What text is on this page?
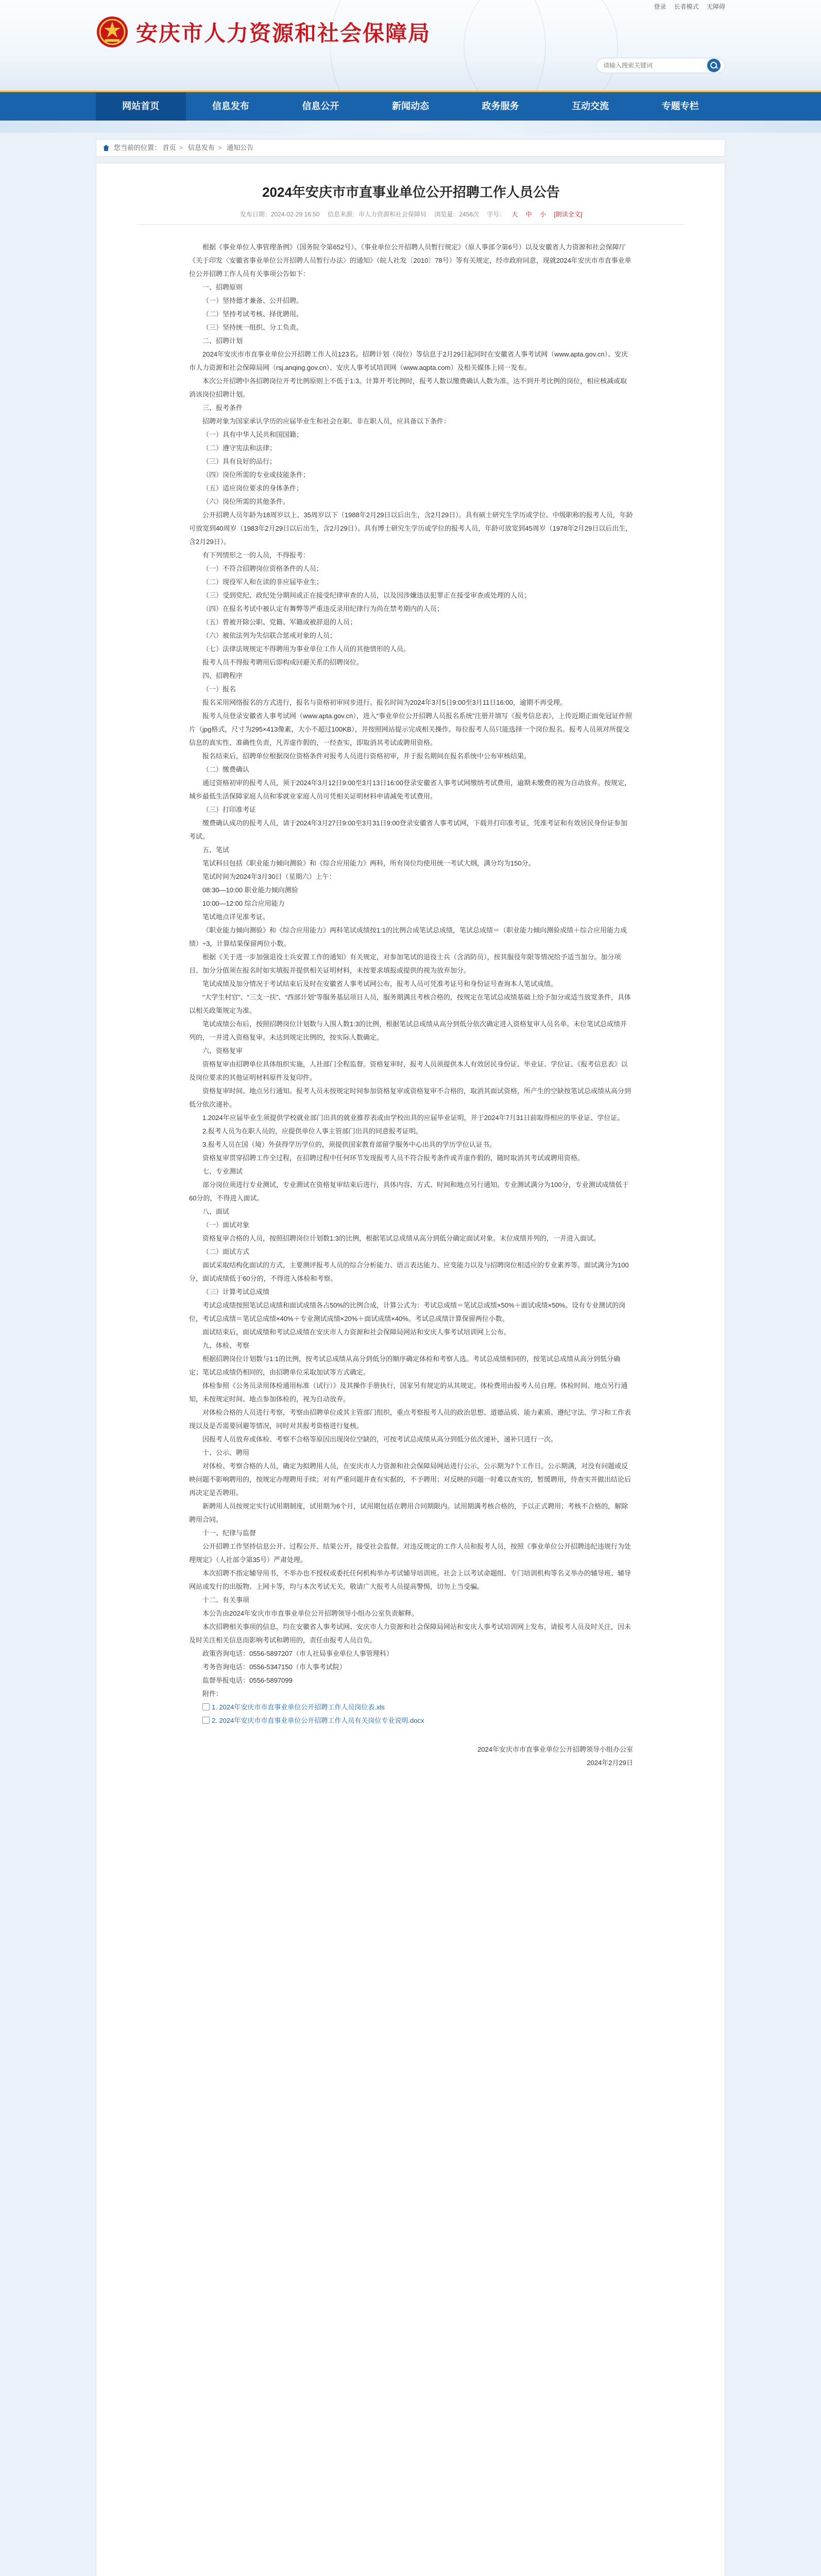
登录 长者模式 无障碍
安庆市人力资源和社会保障局
请输入搜索关键词
网站首页	信息发布	信息公开	新闻动态	政务服务	互动交流	专题专栏
您当前的位置： 首页 > 信息发布 > 通知公告
2024年安庆市市直事业单位公开招聘工作人员公告
发布日期：2024-02-29 16:50 信息来源：市人力资源和社会保障局 浏览量：2456次 字号： 大 中 小 [朗读全文]

根据《事业单位人事管理条例》（国务院令第652号）、《事业单位公开招聘人员暂行规定》（原人事部令第6号）以及安徽省人力资源和社会保障厅《关于印发〈安徽省事业单位公开招聘人员暂行办法〉的通知》（皖人社发〔2010〕78号）等有关规定，经市政府同意，现就2024年安庆市市直事业单位公开招聘工作人员有关事项公告如下：

一、招聘原则

（一）坚持德才兼备、公开招聘。

（二）坚持考试考核、择优聘用。

（三）坚持统一组织、分工负责。

二、招聘计划

2024年安庆市市直事业单位公开招聘工作人员123名。招聘计划（岗位）等信息于2月29日起同时在安徽省人事考试网（www.apta.gov.cn）、安庆市人力资源和社会保障局网（rsj.anqing.gov.cn）、安庆人事考试培训网（www.aqpta.com）及相关媒体上同一发布。

本次公开招聘中各招聘岗位开考比例原则上不低于1:3。计算开考比例时，报考人数以缴费确认人数为准。达不到开考比例的岗位，相应核减或取消该岗位招聘计划。

三、报考条件

招聘对象为国家承认学历的应届毕业生和社会在职、非在职人员，应具备以下条件：

（一）具有中华人民共和国国籍；

（二）遵守宪法和法律；

（三）具有良好的品行；

（四）岗位所需的专业或技能条件；

（五）适应岗位要求的身体条件；

（六）岗位所需的其他条件。

公开招聘人员年龄为18周岁以上、35周岁以下（1988年2月29日以后出生，含2月29日）。具有硕士研究生学历或学位、中级职称的报考人员，年龄可放宽到40周岁（1983年2月29日以后出生，含2月29日）。具有博士研究生学历或学位的报考人员，年龄可放宽到45周岁（1978年2月29日以后出生，含2月29日）。

有下列情形之一的人员，不得报考：

（一）不符合招聘岗位资格条件的人员；

（二）现役军人和在读的非应届毕业生；

（三）受到党纪、政纪处分期间或正在接受纪律审查的人员，以及因涉嫌违法犯罪正在接受审查或处理的人员；

（四）在报名考试中被认定有舞弊等严重违反录用纪律行为尚在禁考期内的人员；

（五）曾被开除公职、党籍、军籍或被辞退的人员；

（六）被依法列为失信联合惩戒对象的人员；

（七）法律法规规定不得聘用为事业单位工作人员的其他情形的人员。

报考人员不得报考聘用后即构成回避关系的招聘岗位。

四、招聘程序

（一）报名

报名采用网络报名的方式进行，报名与资格初审同步进行。报名时间为2024年3月5日9:00至3月11日16:00，逾期不再受理。

报考人员登录安徽省人事考试网（www.apta.gov.cn），进入“事业单位公开招聘人员报名系统”注册并填写《报考信息表》，上传近期正面免冠证件照片（jpg格式，尺寸为295×413像素，大小不超过100KB），并按照网站提示完成相关操作。每位报考人员只能选择一个岗位报名。报考人员须对所提交信息的真实性、准确性负责，凡弄虚作假的，一经查实，即取消其考试或聘用资格。

报名结束后，招聘单位根据岗位资格条件对报考人员进行资格初审，并于报名期间在报名系统中公布审核结果。

（二）缴费确认

通过资格初审的报考人员，须于2024年3月12日9:00至3月13日16:00登录安徽省人事考试网缴纳考试费用，逾期未缴费的视为自动放弃。按规定，城乡最低生活保障家庭人员和零就业家庭人员可凭相关证明材料申请减免考试费用。

（三）打印准考证

缴费确认成功的报考人员，请于2024年3月27日9:00至3月31日9:00登录安徽省人事考试网，下载并打印准考证，凭准考证和有效居民身份证参加考试。

五、笔试

笔试科目包括《职业能力倾向测验》和《综合应用能力》两科，所有岗位均使用统一考试大纲，满分均为150分。

笔试时间为2024年3月30日（星期六）上午：

08:30—10:00 职业能力倾向测验

10:00—12:00 综合应用能力

笔试地点详见准考证。

《职业能力倾向测验》和《综合应用能力》两科笔试成绩按1:1的比例合成笔试总成绩，笔试总成绩＝（职业能力倾向测验成绩＋综合应用能力成绩）÷3，计算结果保留两位小数。

根据《关于进一步加强退役士兵安置工作的通知》有关规定，对参加笔试的退役士兵（含消防员），按其服役年限等情况给予适当加分。加分项目、加分分值须在报名时如实填报并提供相关证明材料，未按要求填报或提供的视为放弃加分。

笔试成绩及加分情况于考试结束后及时在安徽省人事考试网公布，报考人员可凭准考证号和身份证号查询本人笔试成绩。

“大学生村官”、“三支一扶”、“西部计划”等服务基层项目人员，服务期满且考核合格的，按规定在笔试总成绩基础上给予加分或适当放宽条件，具体以相关政策规定为准。

笔试成绩公布后，按照招聘岗位计划数与入围人数1:3的比例，根据笔试总成绩从高分到低分依次确定进入资格复审人员名单。末位笔试总成绩并列的，一并进入资格复审。未达到规定比例的，按实际人数确定。

六、资格复审

资格复审由招聘单位具体组织实施，人社部门全程监督。资格复审时，报考人员须提供本人有效居民身份证、毕业证、学位证、《报考信息表》以及岗位要求的其他证明材料原件及复印件。

资格复审时间、地点另行通知。报考人员未按规定时间参加资格复审或资格复审不合格的，取消其面试资格，所产生的空缺按笔试总成绩从高分到低分依次递补。

1.2024年应届毕业生须提供学校就业部门出具的就业推荐表或由学校出具的应届毕业证明，并于2024年7月31日前取得相应的毕业证、学位证。

2.报考人员为在职人员的，应提供单位人事主管部门出具的同意报考证明。

3.报考人员在国（境）外获得学历学位的，须提供国家教育部留学服务中心出具的学历学位认证书。

资格复审贯穿招聘工作全过程，在招聘过程中任何环节发现报考人员不符合报考条件或弄虚作假的，随时取消其考试或聘用资格。

七、专业测试

部分岗位须进行专业测试，专业测试在资格复审结束后进行，具体内容、方式、时间和地点另行通知。专业测试满分为100分，专业测试成绩低于60分的，不得进入面试。

八、面试

（一）面试对象

资格复审合格的人员，按照招聘岗位计划数1:3的比例，根据笔试总成绩从高分到低分确定面试对象。末位成绩并列的，一并进入面试。

（二）面试方式

面试采取结构化面试的方式，主要测评报考人员的综合分析能力、语言表达能力、应变能力以及与招聘岗位相适应的专业素养等。面试满分为100分，面试成绩低于60分的，不得进入体检和考察。

（三）计算考试总成绩

考试总成绩按照笔试总成绩和面试成绩各占50%的比例合成，计算公式为：考试总成绩＝笔试总成绩×50%＋面试成绩×50%。设有专业测试的岗位，考试总成绩＝笔试总成绩×40%＋专业测试成绩×20%＋面试成绩×40%。考试总成绩计算保留两位小数。

面试结束后，面试成绩和考试总成绩在安庆市人力资源和社会保障局网站和安庆人事考试培训网上公布。

九、体检、考察

根据招聘岗位计划数与1:1的比例，按考试总成绩从高分到低分的顺序确定体检和考察人选。考试总成绩相同的，按笔试总成绩从高分到低分确定；笔试总成绩仍相同的，由招聘单位采取加试等方式确定。

体检参照《公务员录用体检通用标准（试行）》及其操作手册执行，国家另有规定的从其规定。体检费用由报考人员自理。体检时间、地点另行通知，未按规定时间、地点参加体检的，视为自动放弃。

对体检合格的人员进行考察，考察由招聘单位或其主管部门组织，重点考察报考人员的政治思想、道德品质、能力素质、遵纪守法、学习和工作表现以及是否需要回避等情况，同时对其报考资格进行复核。

因报考人员放弃或体检、考察不合格等原因出现岗位空缺的，可按考试总成绩从高分到低分依次递补，递补只进行一次。

十、公示、聘用

对体检、考察合格的人员，确定为拟聘用人员，在安庆市人力资源和社会保障局网站进行公示，公示期为7个工作日。公示期满，对没有问题或反映问题不影响聘用的，按规定办理聘用手续；对有严重问题并查有实据的，不予聘用；对反映的问题一时难以查实的，暂缓聘用，待查实并做出结论后再决定是否聘用。

新聘用人员按规定实行试用期制度，试用期为6个月，试用期包括在聘用合同期限内。试用期满考核合格的，予以正式聘用；考核不合格的，解除聘用合同。

十一、纪律与监督

公开招聘工作坚持信息公开、过程公开、结果公开，接受社会监督。对违反规定的工作人员和报考人员，按照《事业单位公开招聘违纪违规行为处理规定》（人社部令第35号）严肃处理。

本次招聘不指定辅导用书，不举办也不授权或委托任何机构举办考试辅导培训班。社会上以考试命题组、专门培训机构等名义举办的辅导班、辅导网站或发行的出版物、上网卡等，均与本次考试无关，敬请广大报考人员提高警惕，切勿上当受骗。

十二、有关事项

本公告由2024年安庆市市直事业单位公开招聘领导小组办公室负责解释。

本次招聘相关事项的信息，均在安徽省人事考试网、安庆市人力资源和社会保障局网站和安庆人事考试培训网上发布，请报考人员及时关注，因未及时关注相关信息而影响考试和聘用的，责任由报考人员自负。

政策咨询电话：0556-5897207（市人社局事业单位人事管理科）

考务咨询电话：0556-5347150（市人事考试院）

监督举报电话：0556-5897099

附件：

1. 2024年安庆市市直事业单位公开招聘工作人员岗位表.xls

2. 2024年安庆市市直事业单位公开招聘工作人员有关岗位专业说明.docx

2024年安庆市市直事业单位公开招聘领导小组办公室

2024年2月29日
